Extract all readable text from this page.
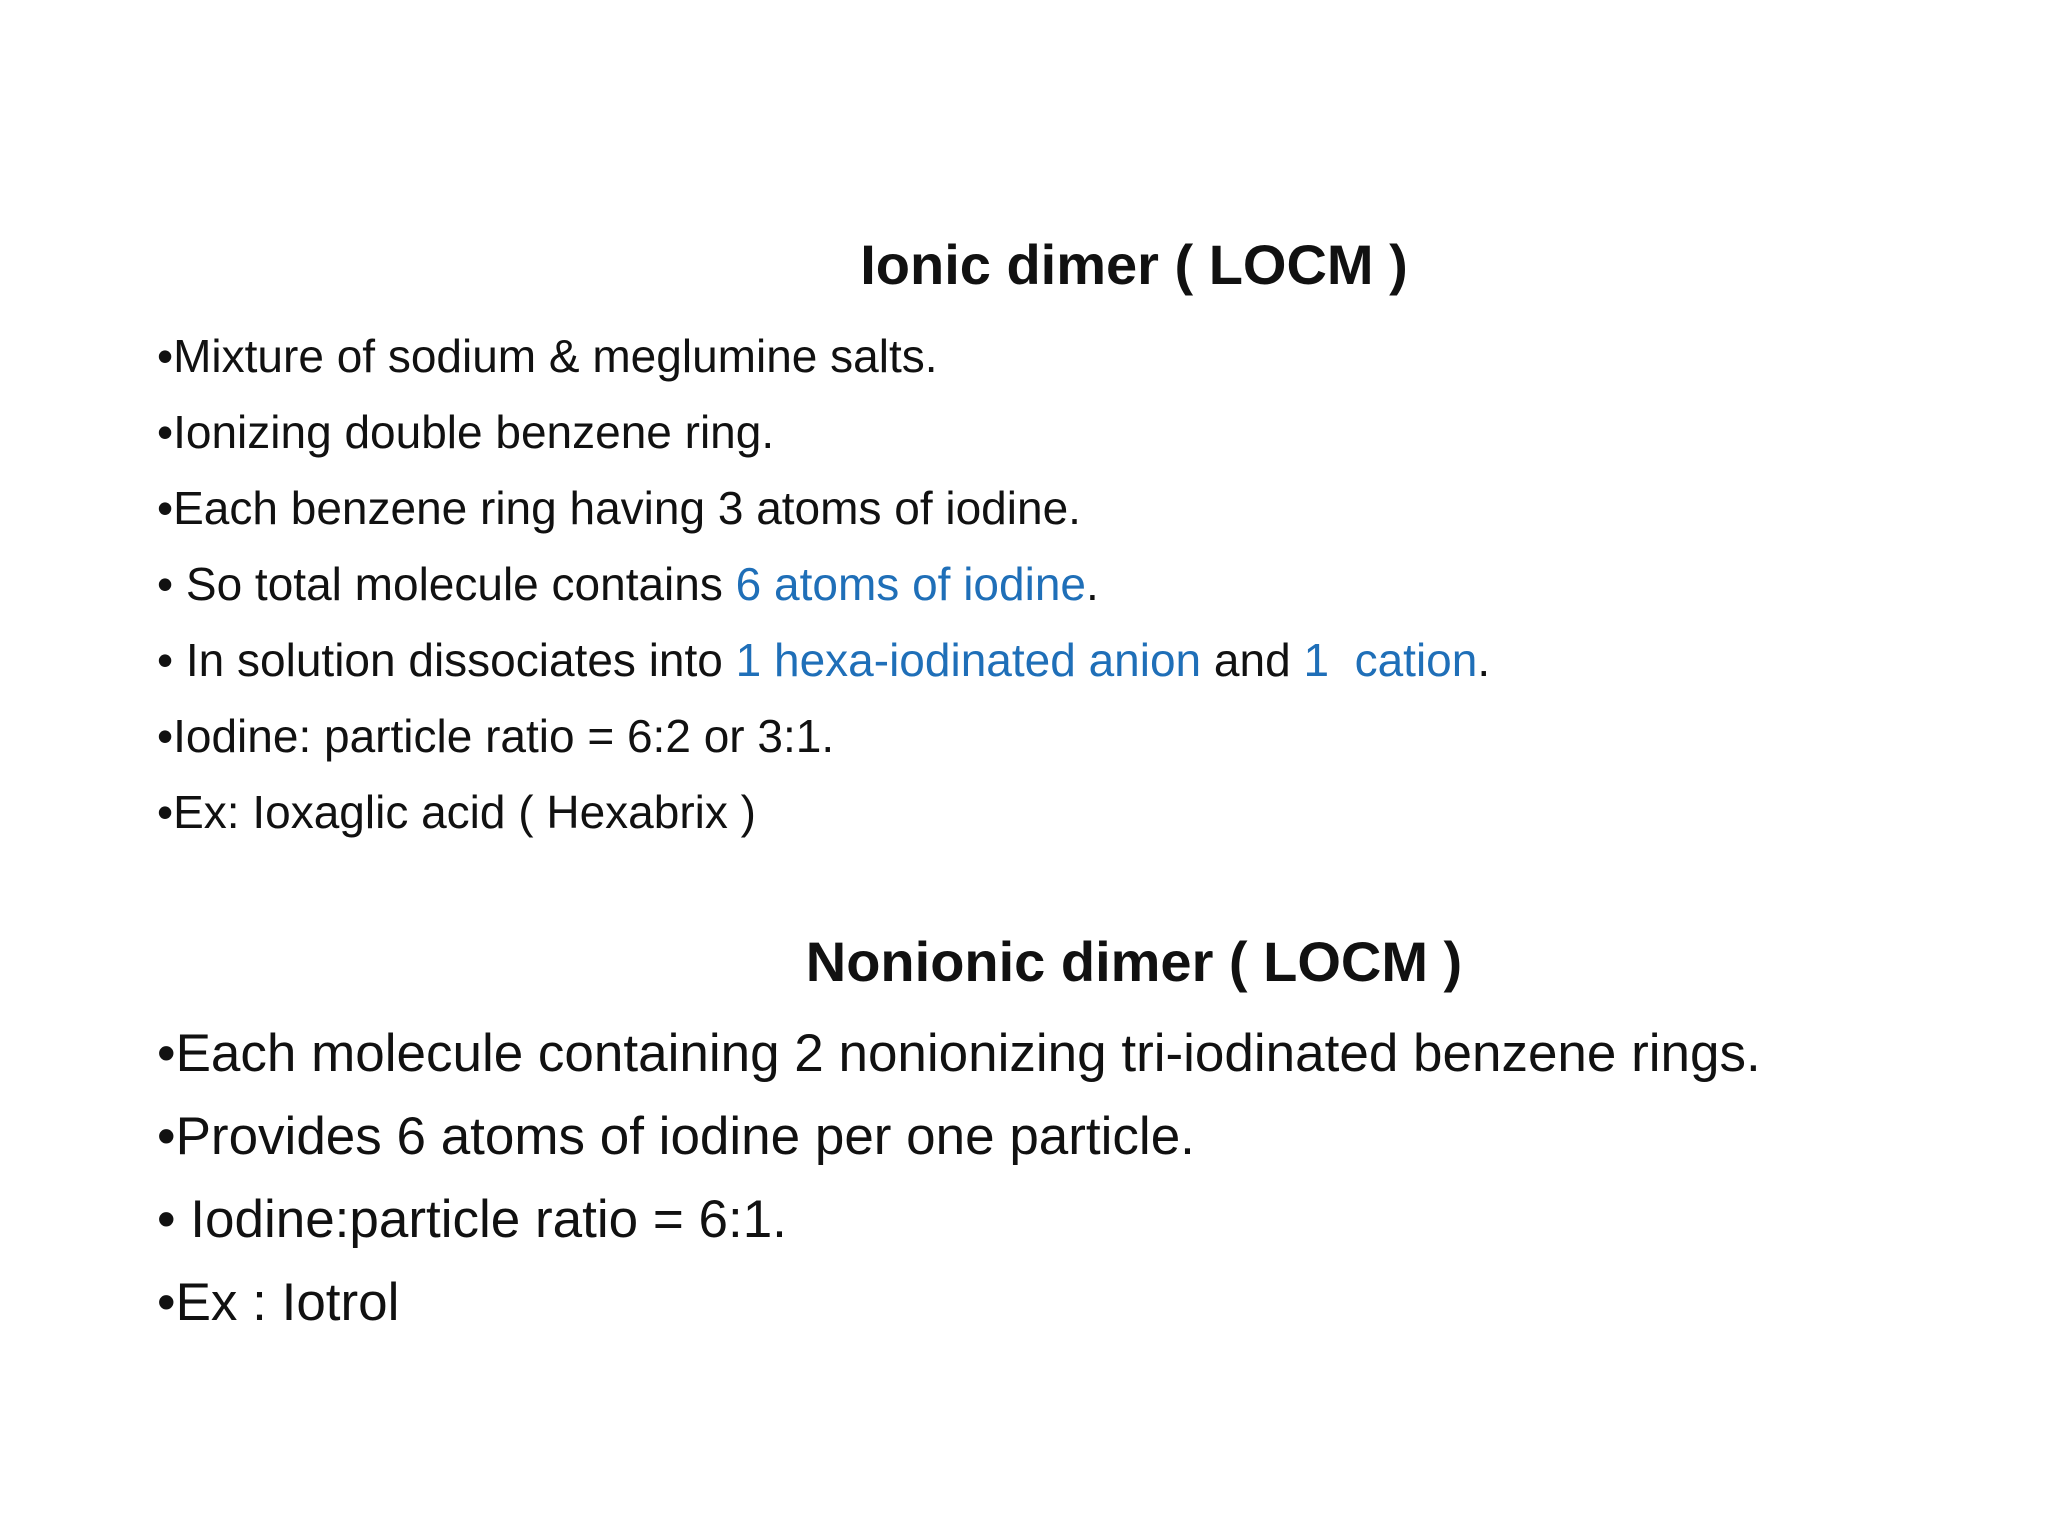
Ionic dimer ( LOCM )
•Mixture of sodium & meglumine salts.
•Ionizing double benzene ring.
•Each benzene ring having 3 atoms of iodine.
• So total molecule contains 6 atoms of iodine.
• In solution dissociates into 1 hexa-iodinated anion and 1  cation.
•Iodine: particle ratio = 6:2 or 3:1.
•Ex: Ioxaglic acid ( Hexabrix )
Nonionic dimer ( LOCM )
•Each molecule containing 2 nonionizing tri-iodinated benzene rings.
•Provides 6 atoms of iodine per one particle.
• Iodine:particle ratio = 6:1.
•Ex : Iotrol
